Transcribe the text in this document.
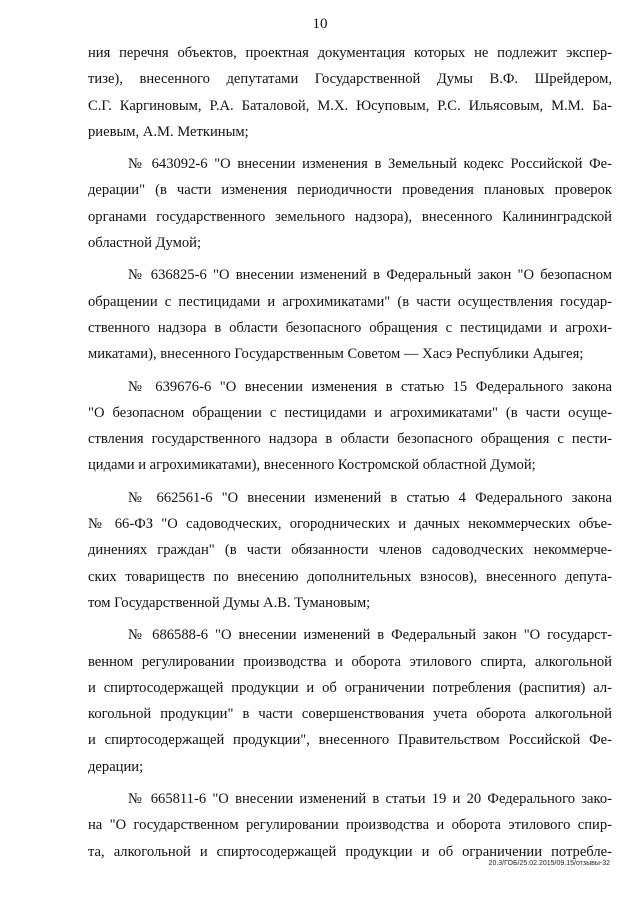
10
ния перечня объектов, проектная документация которых не подлежит экспер-
тизе), внесенного депутатами Государственной Думы В.Ф. Шрейдером,
С.Г. Каргиновым, Р.А. Баталовой, М.Х. Юсуповым, Р.С. Ильясовым, М.М. Ба-
риевым, А.М. Меткиным;
№ 643092-6 "О внесении изменения в Земельный кодекс Российской Фе-
дерации" (в части изменения периодичности проведения плановых проверок
органами государственного земельного надзора), внесенного Калининградской
областной Думой;
№ 636825-6 "О внесении изменений в Федеральный закон "О безопасном
обращении с пестицидами и агрохимикатами" (в части осуществления государ-
ственного надзора в области безопасного обращения с пестицидами и агрохи-
микатами), внесенного Государственным Советом — Хасэ Республики Адыгея;
№ 639676-6 "О внесении изменения в статью 15 Федерального закона
"О безопасном обращении с пестицидами и агрохимикатами" (в части осуще-
ствления государственного надзора в области безопасного обращения с пести-
цидами и агрохимикатами), внесенного Костромской областной Думой;
№ 662561-6 "О внесении изменений в статью 4 Федерального закона
№ 66-ФЗ "О садоводческих, огороднических и дачных некоммерческих объе-
динениях граждан" (в части обязанности членов садоводческих некоммерче-
ских товариществ по внесению дополнительных взносов), внесенного депута-
том Государственной Думы А.В. Тумановым;
№ 686588-6 "О внесении изменений в Федеральный закон "О государст-
венном регулировании производства и оборота этилового спирта, алкогольной
и спиртосодержащей продукции и об ограничении потребления (распития) ал-
когольной продукции" в части совершенствования учета оборота алкогольной
и спиртосодержащей продукции", внесенного Правительством Российской Фе-
дерации;
№ 665811-6 "О внесении изменений в статьи 19 и 20 Федерального зако-
на "О государственном регулировании производства и оборота этилового спир-
та, алкогольной и спиртосодержащей продукции и об ограничении потребле-
20.3/ГОБ/25.02.2015/09.15/отзывы-32
